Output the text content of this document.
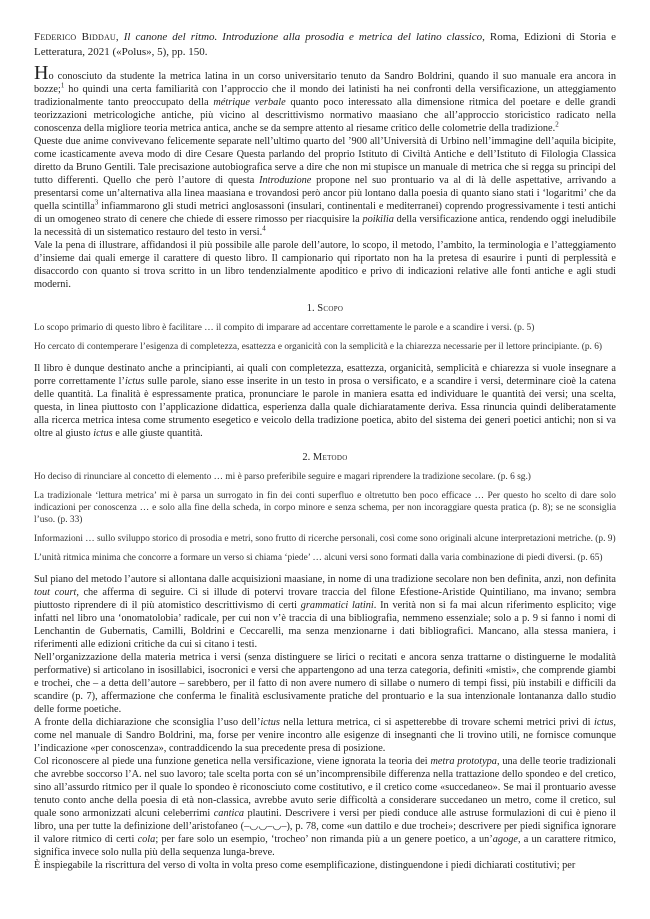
Federico Biddau, Il canone del ritmo. Introduzione alla prosodia e metrica del latino classico, Roma, Edizioni di Storia e Letteratura, 2021 («Polus», 5), pp. 150.

Ho conosciuto da studente la metrica latina in un corso universitario tenuto da Sandro Boldrini, quando il suo manuale era ancora in bozze;$^1$ ho quindi una certa familiarità con l’approccio che il mondo dei latinisti ha nei confronti della versificazione, un atteggiamento tradizionalmente tanto preoccupato della métrique verbale quanto poco interessato alla dimensione ritmica del poetare e delle grandi teorizzazioni metricologiche antiche, più vicino al descrittivismo normativo maasiano che all’approccio storicistico radicato nella conoscenza della migliore teoria metrica antica, anche se da sempre attento al riesame critico delle colometrie della tradizione.$^2$

Queste due anime convivevano felicemente separate nell’ultimo quarto del ’900 all’Università di Urbino nell’immagine dell’aquila bicipite, come icasticamente aveva modo di dire Cesare Questa parlando del proprio Istituto di Civiltà Antiche e dell’Istituto di Filologia Classica diretto da Bruno Gentili. Tale precisazione autobiografica serve a dire che non mi stupisce un manuale di metrica che si regga su principi del tutto differenti. Quello che però l’autore di questa Introduzione propone nel suo prontuario va al di là delle aspettative, arrivando a presentarsi come un’alternativa alla linea maasiana e trovandosi però ancor più lontano dalla poesia di quanto siano stati i ‘logaritmi’ che da quella scintilla$^3$ infiammarono gli studi metrici anglosassoni (insulari, continentali e mediterranei) coprendo progressivamente i testi antichi di un omogeneo strato di cenere che chiede di essere rimosso per riacquisire la poikilia della versificazione antica, rendendo oggi ineludibile la necessità di un sistematico restauro del testo in versi.$^4$

Vale la pena di illustrare, affidandosi il più possibile alle parole dell’autore, lo scopo, il metodo, l’ambito, la terminologia e l’atteggiamento d’insieme dai quali emerge il carattere di questo libro. Il campionario qui riportato non ha la pretesa di esaurire i punti di perplessità e disaccordo con quanto si trova scritto in un libro tendenzialmente apoditico e privo di indicazioni relative alle fonti antiche e agli studi moderni.

1. Scopo

Lo scopo primario di questo libro è facilitare … il compito di imparare ad accentare correttamente le parole e a scandire i versi. (p. 5)

Ho cercato di contemperare l’esigenza di completezza, esattezza e organicità con la semplicità e la chiarezza necessarie per il lettore principiante. (p. 6)

Il libro è dunque destinato anche a principianti, ai quali con completezza, esattezza, organicità, semplicità e chiarezza si vuole insegnare a porre correttamente l’ictus sulle parole, siano esse inserite in un testo in prosa o versificato, e a scandire i versi, determinare cioè la catena delle quantità. La finalità è espressamente pratica, pronunciare le parole in maniera esatta ed individuare le quantità dei versi; una scelta, questa, in linea piuttosto con l’applicazione didattica, esperienza dalla quale dichiaratamente deriva. Essa rinuncia quindi deliberatamente alla ricerca metrica intesa come strumento esegetico e veicolo della tradizione poetica, abito del sistema dei generi poetici antichi; non si va oltre al giusto ictus e alle giuste quantità.

2. Metodo

Ho deciso di rinunciare al concetto di elemento … mi è parso preferibile seguire e magari riprendere la tradizione secolare. (p. 6 sg.)

La tradizionale ‘lettura metrica’ mi è parsa un surrogato in fin dei conti superfluo e oltretutto ben poco efficace … Per questo ho scelto di dare solo indicazioni per conoscenza … e solo alla fine della scheda, in corpo minore e senza schema, per non incoraggiare questa pratica (p. 8); se ne sconsiglia l’uso. (p. 33)

Informazioni … sullo sviluppo storico di prosodia e metri, sono frutto di ricerche personali, così come sono originali alcune interpretazioni metriche. (p. 9)

L’unità ritmica minima che concorre a formare un verso si chiama ‘piede’ … alcuni versi sono formati dalla varia combinazione di piedi diversi. (p. 65)

Sul piano del metodo l’autore si allontana dalle acquisizioni maasiane, in nome di una tradizione secolare non ben definita, anzi, non definita tout court, che afferma di seguire. Ci si illude di potervi trovare traccia del filone Efestione-Aristide Quintiliano, ma invano; sembra piuttosto riprendere di il più atomistico descrittivismo di certi grammatici latini. In verità non si fa mai alcun riferimento esplicito; vige infatti nel libro una ‘onomatolobia’ radicale, per cui non v’è traccia di una bibliografia, nemmeno essenziale; solo a p. 9 si fanno i nomi di Lenchantin de Gubernatis, Camilli, Boldrini e Ceccarelli, ma senza menzionarne i dati bibliografici. Mancano, alla stessa maniera, i riferimenti alle edizioni critiche da cui si citano i testi.

Nell’organizzazione della materia metrica i versi (senza distinguere se lirici o recitati e ancora senza trattarne o distinguerne le modalità performative) si articolano in isosillabici, isocronici e versi che appartengono ad una terza categoria, definiti «misti», che comprende giambi e trochei, che – a detta dell’autore – sarebbero, per il fatto di non avere numero di sillabe o numero di tempi fissi, più instabili e difficili da scandire (p. 7), affermazione che conferma le finalità esclusivamente pratiche del prontuario e la sua intenzionale lontananza dallo studio delle forme poetiche.

A fronte della dichiarazione che sconsiglia l’uso dell’ictus nella lettura metrica, ci si aspetterebbe di trovare schemi metrici privi di ictus, come nel manuale di Sandro Boldrini, ma, forse per venire incontro alle esigenze di insegnanti che li trovino utili, ne fornisce comunque l’indicazione «per conoscenza», contraddicendo la sua precedente presa di posizione.

Col riconoscere al piede una funzione genetica nella versificazione, viene ignorata la teoria dei metra prototypa, una delle teorie tradizionali che avrebbe soccorso l’A. nel suo lavoro; tale scelta porta con sé un’incomprensibile differenza nella trattazione dello spondeo e del cretico, sino all’assurdo ritmico per il quale lo spondeo è riconosciuto come costitutivo, e il cretico come «succedaneo». Se mai il prontuario avesse tenuto conto anche della poesia di età non-classica, avrebbe avuto serie difficoltà a considerare succedaneo un metro, come il cretico, sul quale sono armonizzati alcuni celeberrimi cantica plautini. Descrivere i versi per piedi conduce alle astruse formulazioni di cui è pieno il libro, una per tutte la definizione dell’aristofaneo (–◡◡–◡–), p. 78, come «un dattilo e due trochei»; descrivere per piedi significa ignorare il valore ritmico di certi cola; per fare solo un esempio, ‘trocheo’ non rimanda più a un genere poetico, a un’agoge, a un carattere ritmico, significa invece solo nulla più della sequenza lunga-breve.

È inspiegabile la riscrittura del verso di volta in volta preso come esemplificazione, distinguendone i piedi dichiarati costitutivi; per
